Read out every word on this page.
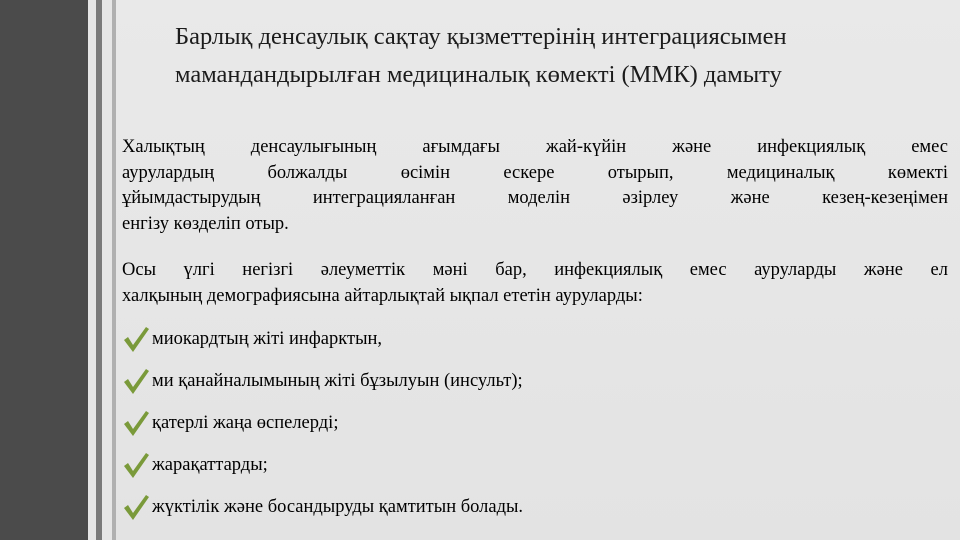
Барлық денсаулық сақтау қызметтерінің интеграциясымен
мамандандырылған медициналық көмекті (ММК) дамыту
Халықтың денсаулығының ағымдағы жай-күйін және инфекциялық емес
аурулардың болжалды өсімін ескере отырып, медициналық көмекті
ұйымдастырудың интеграцияланған моделін әзірлеу және кезең-кезеңімен
енгізу көзделіп отыр.
Осы үлгі негізгі әлеуметтік мәні бар, инфекциялық емес ауруларды және ел
халқының демографиясына айтарлықтай ықпал ететін ауруларды:
миокардтың жіті инфарктын,
ми қанайналымының жіті бұзылуын (инсульт);
қатерлі жаңа өспелерді;
жарақаттарды;
жүктілік және босандыруды қамтитын болады.
